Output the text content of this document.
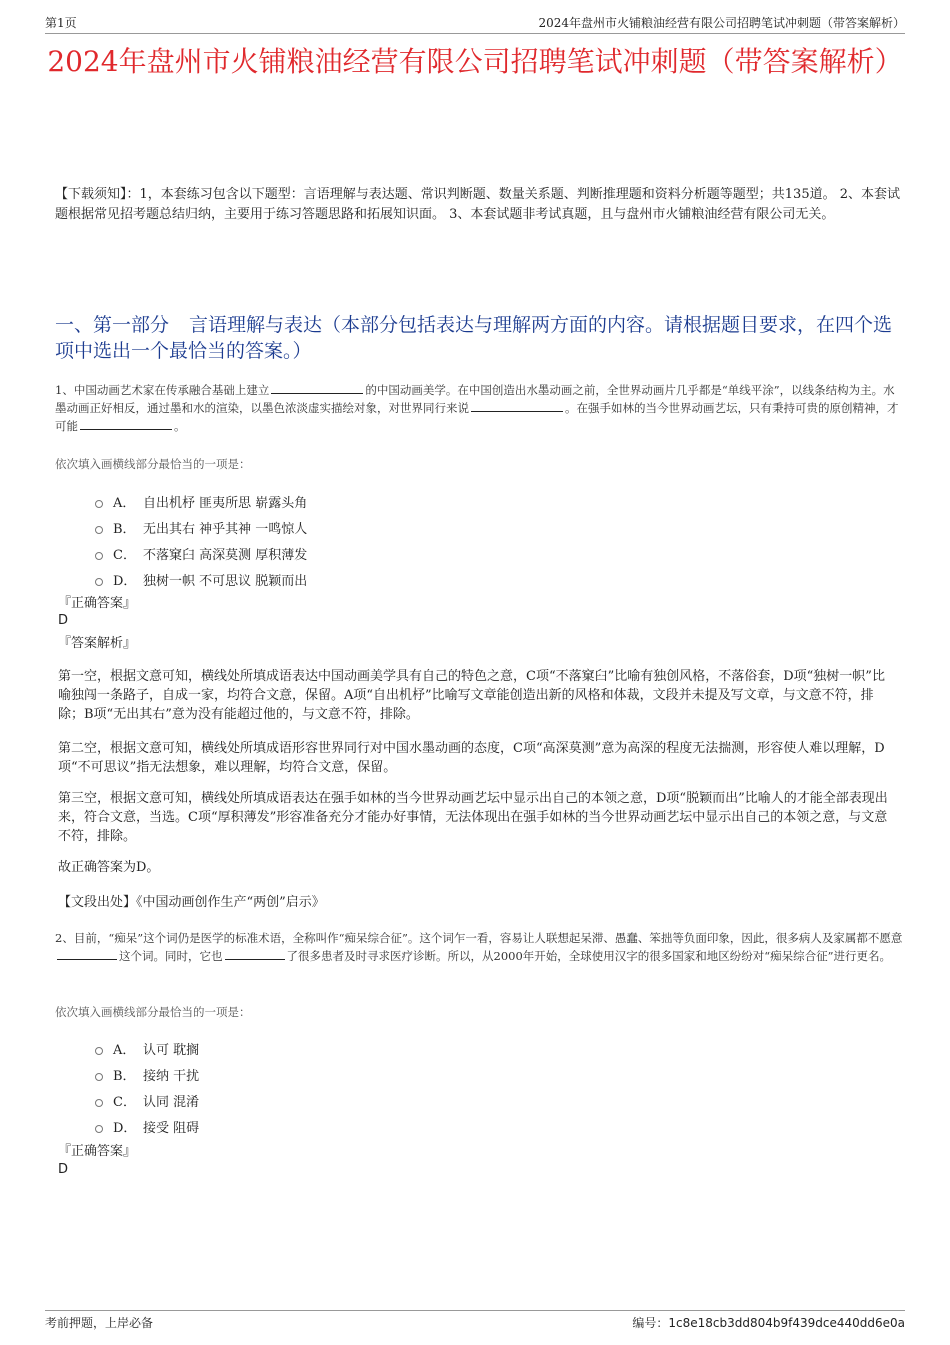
第1页	2024年盘州市火铺粮油经营有限公司招聘笔试冲刺题（带答案解析）
2024年盘州市火铺粮油经营有限公司招聘笔试冲刺题（带答案解析）
【下载须知】：1，本套练习包含以下题型：言语理解与表达题、常识判断题、数量关系题、判断推理题和资料分析题等题型；共135道。 2、本套试题根据常见招考题总结归纳，主要用于练习答题思路和拓展知识面。 3、本套试题非考试真题，且与盘州市火铺粮油经营有限公司无关。
一、第一部分 言语理解与表达（本部分包括表达与理解两方面的内容。请根据题目要求，在四个选项中选出一个最恰当的答案。）
1、中国动画艺术家在传承融合基础上建立	的中国动画美学。在中国创造出水墨动画之前，全世界动画片几乎都是“单线平涂”，以线条结构为主。水墨动画正好相反，通过墨和水的渲染，以墨色浓淡虚实描绘对象，对世界同行来说	。在强手如林的当今世界动画艺坛，只有秉持可贵的原创精神，才可能	。
依次填入画横线部分最恰当的一项是：
A． 自出机杼 匪夷所思 崭露头角
B． 无出其右 神乎其神 一鸣惊人
C． 不落窠臼 高深莫测 厚积薄发
D． 独树一帜 不可思议 脱颖而出
『正确答案』
D
『答案解析』
第一空，根据文意可知，横线处所填成语表达中国动画美学具有自己的特色之意，C项“不落窠臼”比喻有独创风格，不落俗套，D项“独树一帜”比喻独闯一条路子，自成一家，均符合文意，保留。A项“自出机杼”比喻写文章能创造出新的风格和体裁，文段并未提及写文章，与文意不符，排除；B项“无出其右”意为没有能超过他的，与文意不符，排除。
第二空，根据文意可知，横线处所填成语形容世界同行对中国水墨动画的态度，C项“高深莫测”意为高深的程度无法揣测，形容使人难以理解，D项“不可思议”指无法想象，难以理解，均符合文意，保留。
第三空，根据文意可知，横线处所填成语表达在强手如林的当今世界动画艺坛中显示出自己的本领之意，D项“脱颖而出”比喻人的才能全部表现出来，符合文意，当选。C项“厚积薄发”形容准备充分才能办好事情，无法体现出在强手如林的当今世界动画艺坛中显示出自己的本领之意，与文意不符，排除。
故正确答案为D。
【文段出处】《中国动画创作生产“两创”启示》
2、目前，“痴呆”这个词仍是医学的标准术语，全称叫作“痴呆综合征”。这个词乍一看，容易让人联想起呆滞、愚蠢、笨拙等负面印象，因此，很多病人及家属都不愿意这个词。同时，它也	了很多患者及时寻求医疗诊断。所以，从2000年开始，全球使用汉字的很多国家和地区纷纷对“痴呆综合征”进行更名。
依次填入画横线部分最恰当的一项是：
A． 认可 耽搁
B． 接纳 干扰
C． 认同 混淆
D． 接受 阻碍
『正确答案』
D
考前押题，上岸必备	编号：1c8e18cb3dd804b9f439dce440dd6e0a
